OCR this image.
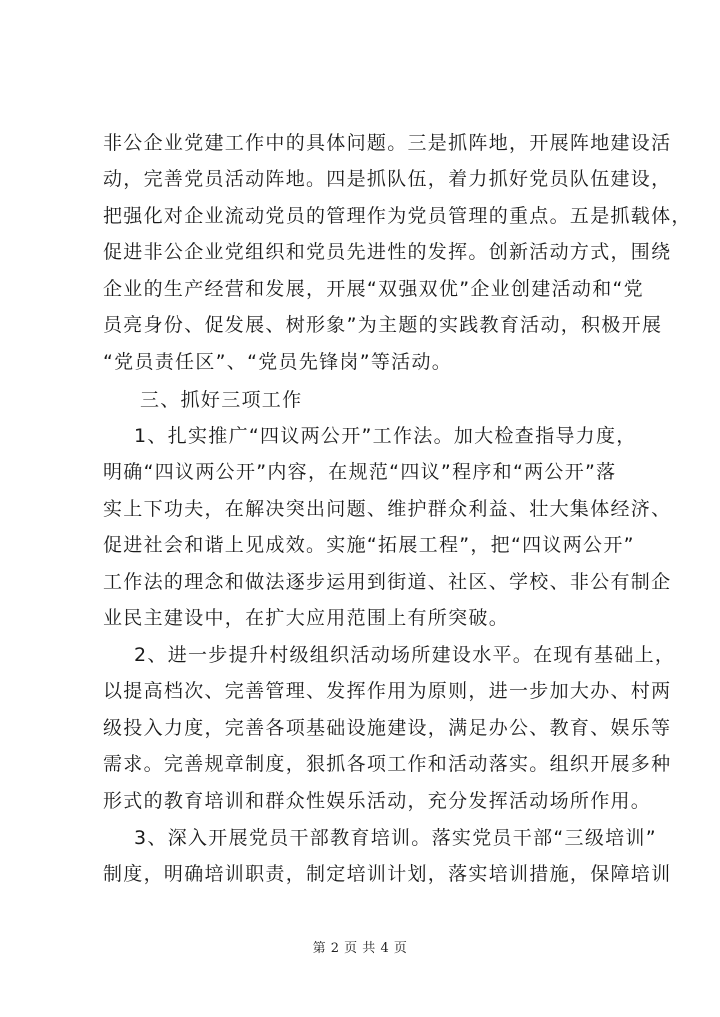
非公企业党建工作中的具体问题。三是抓阵地，开展阵地建设活
动，完善党员活动阵地。四是抓队伍，着力抓好党员队伍建设，
把强化对企业流动党员的管理作为党员管理的重点。五是抓载体，
促进非公企业党组织和党员先进性的发挥。创新活动方式，围绕
企业的生产经营和发展，开展“双强双优”企业创建活动和“党
员亮身份、促发展、树形象”为主题的实践教育活动，积极开展
“党员责任区”、“党员先锋岗”等活动。
三、抓好三项工作
1、扎实推广“四议两公开”工作法。加大检查指导力度，
明确“四议两公开”内容，在规范“四议”程序和“两公开”落
实上下功夫，在解决突出问题、维护群众利益、壮大集体经济、
促进社会和谐上见成效。实施“拓展工程”，把“四议两公开”
工作法的理念和做法逐步运用到街道、社区、学校、非公有制企
业民主建设中，在扩大应用范围上有所突破。
2、进一步提升村级组织活动场所建设水平。在现有基础上，
以提高档次、完善管理、发挥作用为原则，进一步加大办、村两
级投入力度，完善各项基础设施建设，满足办公、教育、娱乐等
需求。完善规章制度，狠抓各项工作和活动落实。组织开展多种
形式的教育培训和群众性娱乐活动，充分发挥活动场所作用。
3、深入开展党员干部教育培训。落实党员干部“三级培训”
制度，明确培训职责，制定培训计划，落实培训措施，保障培训
第 2 页 共 4 页
